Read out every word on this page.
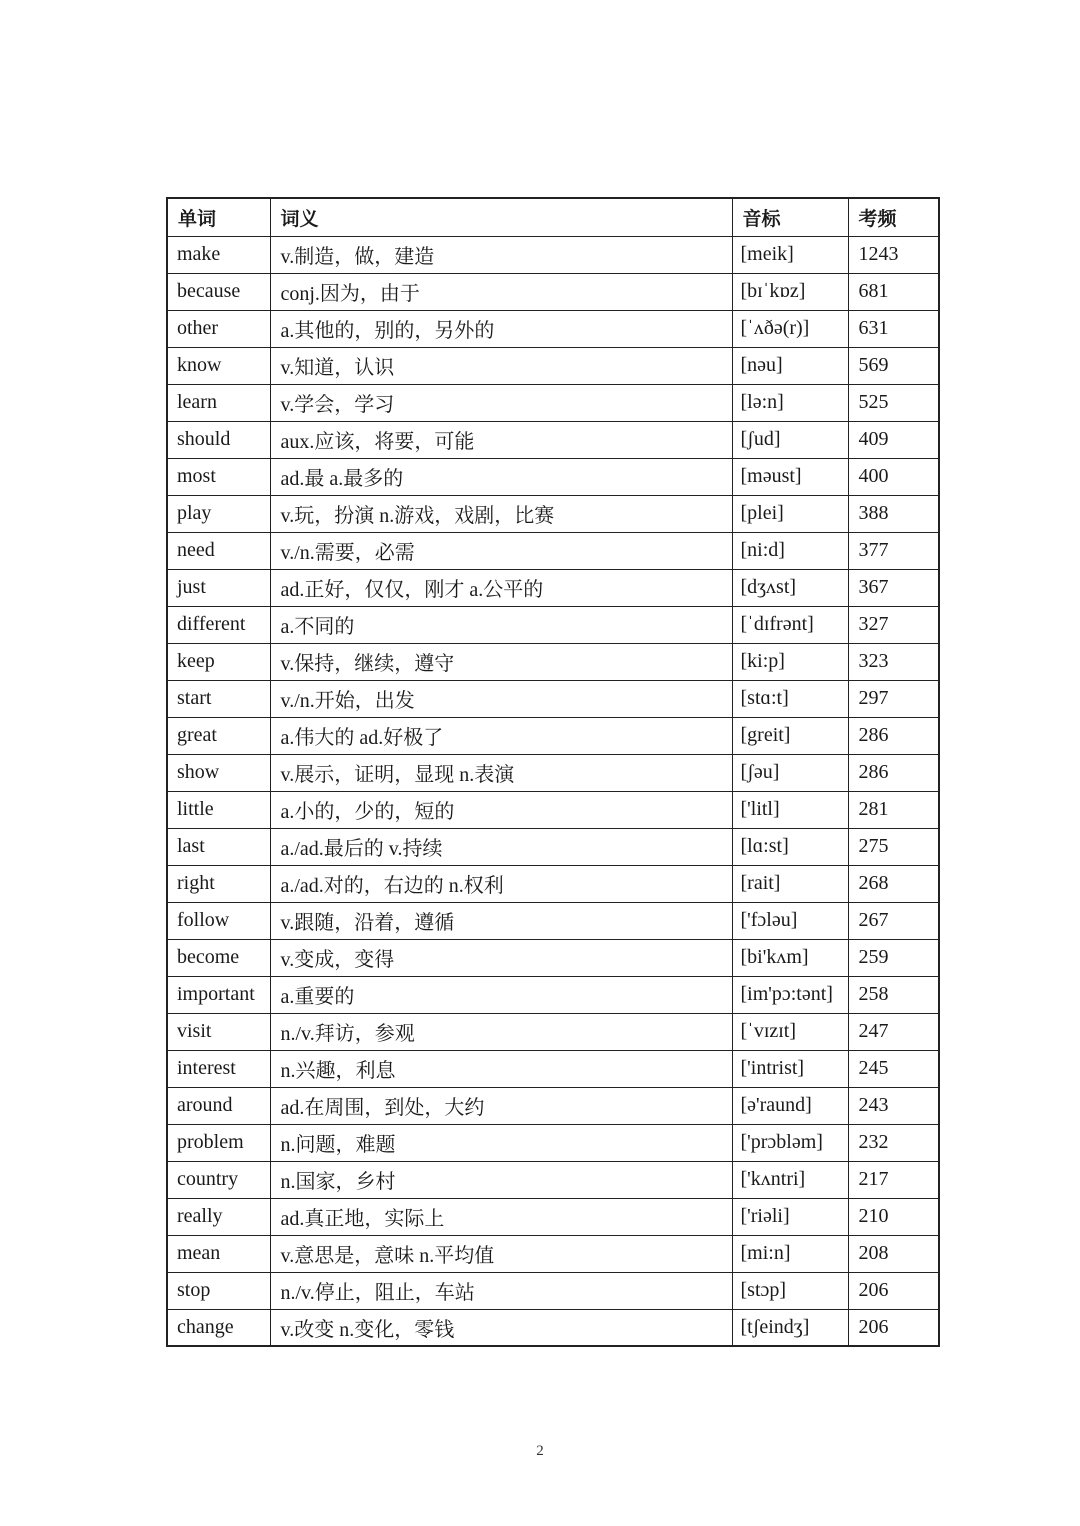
单词	词义	音标	考频
make	v.制造，做，建造	[meik]	1243
because	conj.因为，由于	[bɪˈkɒz]	681
other	a.其他的，别的，另外的	[ˈʌðə(r)]	631
know	v.知道，认识	[nəu]	569
learn	v.学会，学习	[lə:n]	525
should	aux.应该，将要，可能	[ʃud]	409
most	ad.最 a.最多的	[məust]	400
play	v.玩，扮演 n.游戏，戏剧，比赛	[plei]	388
need	v./n.需要，必需	[ni:d]	377
just	ad.正好，仅仅，刚才 a.公平的	[dʒʌst]	367
different	a.不同的	[ˈdɪfrənt]	327
keep	v.保持，继续，遵守	[ki:p]	323
start	v./n.开始，出发	[stɑ:t]	297
great	a.伟大的 ad.好极了	[greit]	286
show	v.展示，证明，显现 n.表演	[ʃəu]	286
little	a.小的，少的，短的	['litl]	281
last	a./ad.最后的 v.持续	[lɑ:st]	275
right	a./ad.对的，右边的 n.权利	[rait]	268
follow	v.跟随，沿着，遵循	['fɔləu]	267
become	v.变成，变得	[bi'kʌm]	259
important	a.重要的	[im'pɔ:tənt]	258
visit	n./v.拜访，参观	[ˈvɪzɪt]	247
interest	n.兴趣，利息	['intrist]	245
around	ad.在周围，到处，大约	[ə'raund]	243
problem	n.问题，难题	['prɔbləm]	232
country	n.国家，乡村	['kʌntri]	217
really	ad.真正地，实际上	['riəli]	210
mean	v.意思是，意味 n.平均值	[mi:n]	208
stop	n./v.停止，阻止，车站	[stɔp]	206
change	v.改变 n.变化，零钱	[tʃeindʒ]	206
2
